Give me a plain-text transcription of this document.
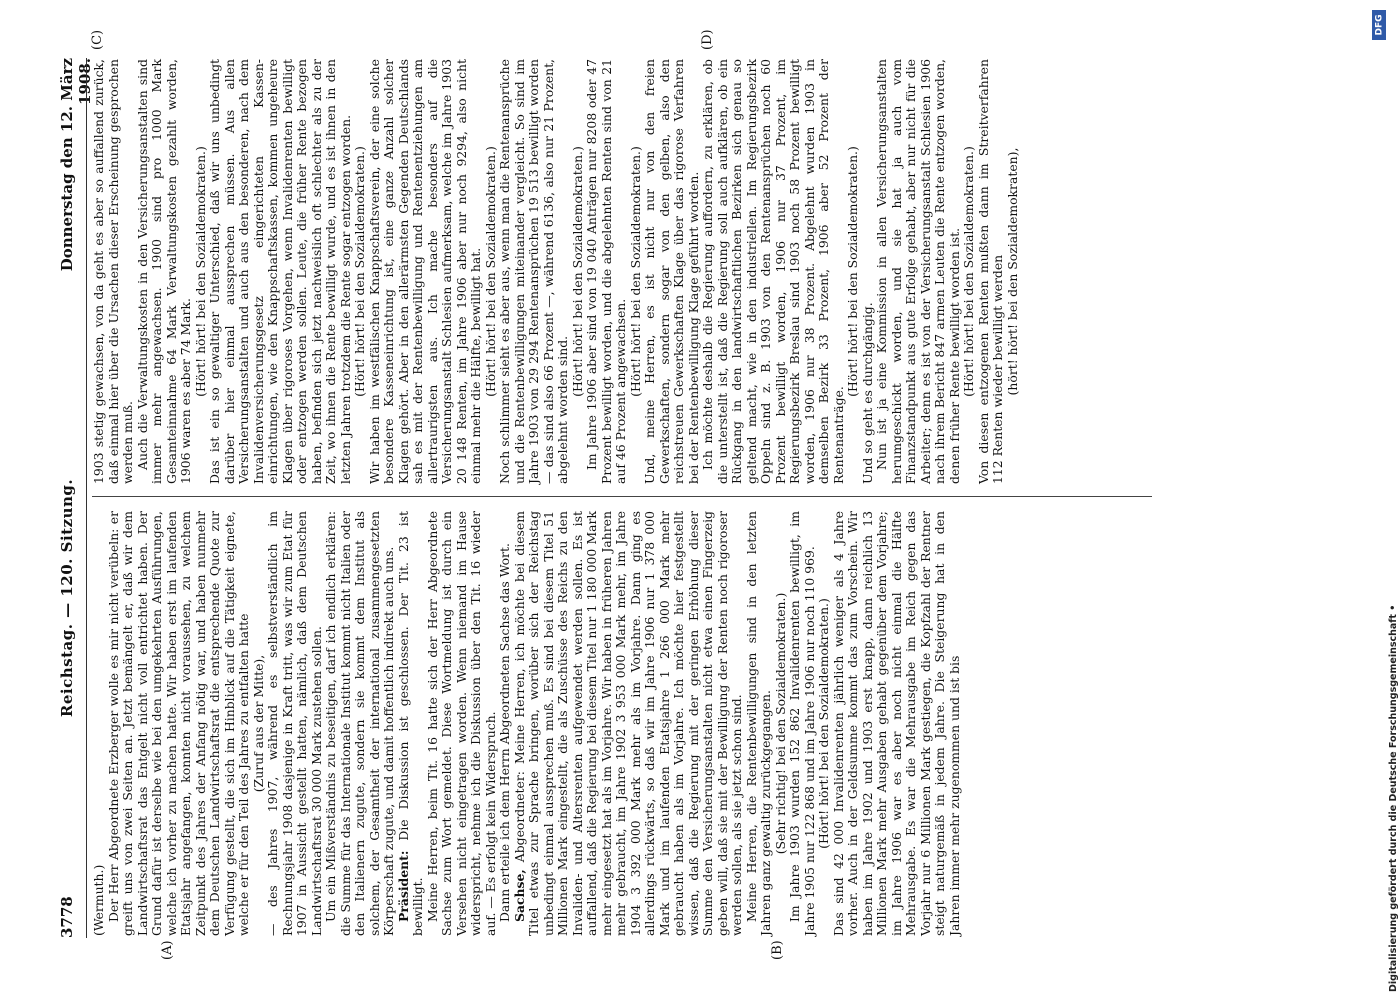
3778
Reichstag. — 120. Sitzung.
Donnerstag den 12. März 1908.
(A)	(B)
(C)	(D)

(Wermuth.) Der Herr Abgeordnete Erzberger wolle es mir nicht verübeln: er greift uns von zwei Seiten an. Jetzt bemängelt er, daß wir dem Landwirtschaftsrat das Entgelt nicht voll entrichtet haben. Der Grund dafür ist derselbe wie bei den umgekehrten Ausführungen, welche ich vorher zu machen hatte. Wir haben erst im laufenden Etatsjahr angefangen, konnten nicht voraussehen, zu welchem Zeitpunkt des Jahres der Anfang nötig war, und haben nunmehr dem Deutschen Landwirtschaftsrat die entsprechende Quote zur Verfügung gestellt, die sich im Hinblick auf die Tätigkeit eignete, welche er für den Teil des Jahres zu entfalten hatte (Zuruf aus der Mitte), — des Jahres 1907, während es selbstverständlich im Rechnungsjahr 1908 dasjenige in Kraft tritt, was wir zum Etat für 1907 in Aussicht gestellt hatten, nämlich, daß dem Deutschen Landwirtschaftsrat 30 000 Mark zustehen sollen. Um ein Mißverständnis zu beseitigen, darf ich endlich erklären: die Summe für das Internationale Institut kommt nicht Italien oder den Italienern zugute, sondern sie kommt dem Institut als solchem, der Gesamtheit der international zusammengesetzten Körperschaft zugute, und damit hoffentlich indirekt auch uns. Präsident: Die Diskussion ist geschlossen. Der Tit. 23 ist bewilligt. Meine Herren, beim Tit. 16 hatte sich der Herr Abgeordnete Sachse zum Wort gemeldet. Diese Wortmeldung ist durch ein Versehen nicht eingetragen worden. Wenn niemand im Hause widerspricht, nehme ich die Diskussion über den Tit. 16 wieder auf. — Es erfolgt kein Widerspruch. Dann erteile ich dem Herrn Abgeordneten Sachse das Wort. Sachse, Abgeordneter: Meine Herren, ich möchte bei diesem Titel etwas zur Sprache bringen, worüber sich der Reichstag unbedingt einmal aussprechen muß. Es sind bei diesem Titel 51 Millionen Mark eingestellt, die als Zuschüsse des Reichs zu den Invaliden- und Altersrenten aufgewendet werden sollen. Es ist auffallend, daß die Regierung bei diesem Titel nur 1 180 000 Mark mehr eingesetzt hat als im Vorjahre. Wir haben in früheren Jahren mehr gebraucht, im Jahre 1902 3 953 000 Mark mehr, im Jahre 1904 3 392 000 Mark mehr als im Vorjahre. Dann ging es allerdings rückwärts, so daß wir im Jahre 1906 nur 1 378 000 Mark und im laufenden Etatsjahre 1 266 000 Mark mehr gebraucht haben als im Vorjahre. Ich möchte hier festgestellt wissen, daß die Regierung mit der geringen Erhöhung dieser Summe den Versicherungsanstalten nicht etwa einen Fingerzeig geben will, daß sie mit der Bewilligung der Renten noch rigoroser werden sollen, als sie jetzt schon sind. Meine Herren, die Rentenbewilligungen sind in den letzten Jahren ganz gewaltig zurückgegangen. (Sehr richtig! bei den Sozialdemokraten.) Im Jahre 1903 wurden 152 862 Invalidenrenten bewilligt, im Jahre 1905 nur 122 868 und im Jahre 1906 nur noch 110 969. (Hört! hört! bei den Sozialdemokraten.) Das sind 42 000 Invalidenrenten jährlich weniger als 4 Jahre vorher. Auch in der Geldsumme kommt das zum Vorschein. Wir haben im Jahre 1902 und 1903 erst knapp, dann reichlich 13 Millionen Mark mehr Ausgaben gehabt gegenüber dem Vorjahre; im Jahre 1906 war es aber noch nicht einmal die Hälfte Mehrausgabe. Es war die Mehrausgabe im Reich gegen das Vorjahr nur 6 Millionen Mark gestiegen, die Kopfzahl der Rentner steigt naturgemäß in jedem Jahre. Die Steigerung hat in den Jahren immer mehr zugenommen und ist bis

1903 stetig gewachsen, von da geht es aber so auffallend zurück, daß einmal hier über die Ursachen dieser Erscheinung gesprochen werden muß. Auch die Verwaltungskosten in den Versicherungsanstalten sind immer mehr angewachsen. 1900 sind pro 1000 Mark Gesamteinnahme 64 Mark Verwaltungskosten gezahlt worden, 1906 waren es aber 74 Mark. (Hört! hört! bei den Sozialdemokraten.) Das ist ein so gewaltiger Unterschied, daß wir uns unbedingt darüber hier einmal aussprechen müssen. Aus allen Versicherungsanstalten und auch aus den besonderen, nach dem Invalidenversicherungsgesetz eingerichteten Kassen-einrichtungen, wie den Knappschaftskassen, kommen ungeheure Klagen über rigoroses Vorgehen, wenn Invalidenrenten bewilligt oder entzogen werden sollen. Leute, die früher Rente bezogen haben, befinden sich jetzt nachweislich oft schlechter als zu der Zeit, wo ihnen die Rente bewilligt wurde, und es ist ihnen in den letzten Jahren trotzdem die Rente sogar entzogen worden. (Hört! hört! bei den Sozialdemokraten.) Wir haben im westfälischen Knappschaftsverein, der eine solche besondere Kasseneinrichtung ist, eine ganze Anzahl solcher Klagen gehört. Aber in den allerärmsten Gegenden Deutschlands sah es mit der Rentenbewilligung und Rentenentziehungen am allertraurigsten aus. Ich mache besonders auf die Versicherungsanstalt Schlesien aufmerksam, welche im Jahre 1903 20 148 Renten, im Jahre 1906 aber nur noch 9294, also nicht einmal mehr die Hälfte, bewilligt hat. (Hört! hört! bei den Sozialdemokraten.) Noch schlimmer sieht es aber aus, wenn man die Rentenansprüche und die Rentenbewilligungen miteinander vergleicht. So sind im Jahre 1903 von 29 294 Rentenansprüchen 19 513 bewilligt worden — das sind also 66 Prozent —, während 6136, also nur 21 Prozent, abgelehnt worden sind.

(Hört! hört! bei den Sozialdemokraten.) Im Jahre 1906 aber sind von 19 040 Anträgen nur 8208 oder 47 Prozent bewilligt worden, und die abgelehnten Renten sind von 21 auf 46 Prozent angewachsen. (Hört! hört! bei den Sozialdemokraten.) Und, meine Herren, es ist nicht nur von den freien Gewerkschaften, sondern sogar von den gelben, also den reichstreuen Gewerkschaften Klage über das rigorose Verfahren bei der Rentenbewilligung Klage geführt worden. Ich möchte deshalb die Regierung auffordern, zu erklären, ob die unterstellt ist, daß die Regierung soll auch aufklären, ob ein Rückgang in den landwirtschaftlichen Bezirken sich genau so geltend macht, wie in den industriellen. Im Regierungsbezirk Oppeln sind z. B. 1903 von den Rentenansprüchen noch 60 Prozent bewilligt worden, 1906 nur 37 Prozent, im Regierungsbezirk Breslau sind 1903 noch 58 Prozent bewilligt worden, 1906 nur 38 Prozent. Abgelehnt wurden 1903 in demselben Bezirk 33 Prozent, 1906 aber 52 Prozent der Rentenanträge.

(Hört! hört! bei den Sozialdemokraten.) Und so geht es durchgängig. Nun ist ja eine Kommission in allen Versicherungsanstalten herumgeschickt worden, und sie hat ja auch vom Finanzstandpunkt aus gute Erfolge gehabt, aber nur nicht für die Arbeiter; denn es ist von der Versicherungsanstalt Schlesien 1906 nach ihrem Bericht 847 armen Leuten die Rente entzogen worden, denen früher Rente bewilligt worden ist. (Hört! hört! bei den Sozialdemokraten.) Von diesen entzogenen Renten mußten dann im Streitverfahren 112 Renten wieder bewilligt werden (hört! hört! bei den Sozialdemokraten),

DFG
Digitalisierung gefördert durch die Deutsche Forschungsgemeinschaft •
